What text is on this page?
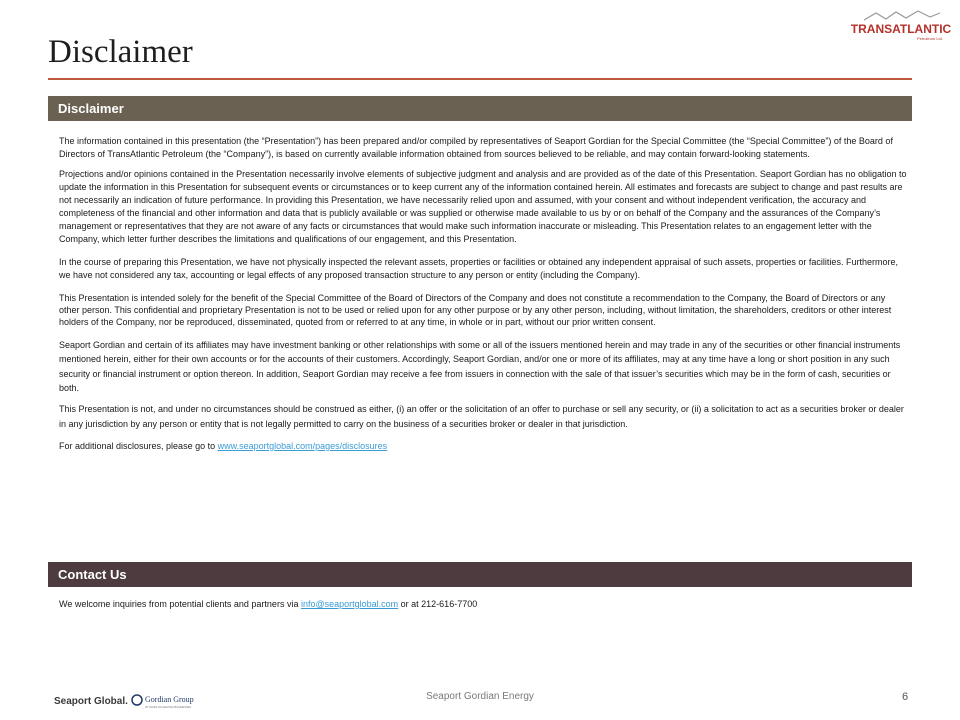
Disclaimer
TRANSATLANTIC
Petroleum Ltd.
Disclaimer

The information contained in this presentation (the “Presentation”) has been prepared and/or compiled by representatives of Seaport Gordian for the Special Committee (the “Special Committee”) of the Board of Directors of TransAtlantic Petroleum (the “Company”), is based on currently available information obtained from sources believed to be reliable, and may contain forward-looking statements.

Projections and/or opinions contained in the Presentation necessarily involve elements of subjective judgment and analysis and are provided as of the date of this Presentation. Seaport Gordian has no obligation to update the information in this Presentation for subsequent events or circumstances or to keep current any of the information contained herein. All estimates and forecasts are subject to change and past results are not necessarily an indication of future performance. In providing this Presentation, we have necessarily relied upon and assumed, with your consent and without independent verification, the accuracy and completeness of the financial and other information and data that is publicly available or was supplied or otherwise made available to us by or on behalf of the Company and the assurances of the Company’s management or representatives that they are not aware of any facts or circumstances that would make such information inaccurate or misleading. This Presentation relates to an engagement letter with the Company, which letter further describes the limitations and qualifications of our engagement, and this Presentation.

In the course of preparing this Presentation, we have not physically inspected the relevant assets, properties or facilities or obtained any independent appraisal of such assets, properties or facilities. Furthermore, we have not considered any tax, accounting or legal effects of any proposed transaction structure to any person or entity (including the Company).

This Presentation is intended solely for the benefit of the Special Committee of the Board of Directors of the Company and does not constitute a recommendation to the Company, the Board of Directors or any other person. This confidential and proprietary Presentation is not to be used or relied upon for any other purpose or by any other person, including, without limitation, the shareholders, creditors or other interest holders of the Company, nor be reproduced, disseminated, quoted from or referred to at any time, in whole or in part, without our prior written consent.

Seaport Gordian and certain of its affiliates may have investment banking or other relationships with some or all of the issuers mentioned herein and may trade in any of the securities or other financial instruments mentioned herein, either for their own accounts or for the accounts of their customers. Accordingly, Seaport Gordian, and/or one or more of its affiliates, may at any time have a long or short position in any such security or financial instrument or option thereon. In addition, Seaport Gordian may receive a fee from issuers in connection with the sale of that issuer’s securities which may be in the form of cash, securities or both.

This Presentation is not, and under no circumstances should be construed as either, (i) an offer or the solicitation of an offer to purchase or sell any security, or (ii) a solicitation to act as a securities broker or dealer in any jurisdiction by any person or entity that is not legally permitted to carry on the business of a securities broker or dealer in that jurisdiction.

For additional disclosures, please go to www.seaportglobal.com/pages/disclosures

Contact Us
We welcome inquiries from potential clients and partners via info@seaportglobal.com or at 212-616-7700
Seaport Global. Gordian Group
25 YEARS OF HELPING BUSINESSES
Seaport Gordian Energy	6
